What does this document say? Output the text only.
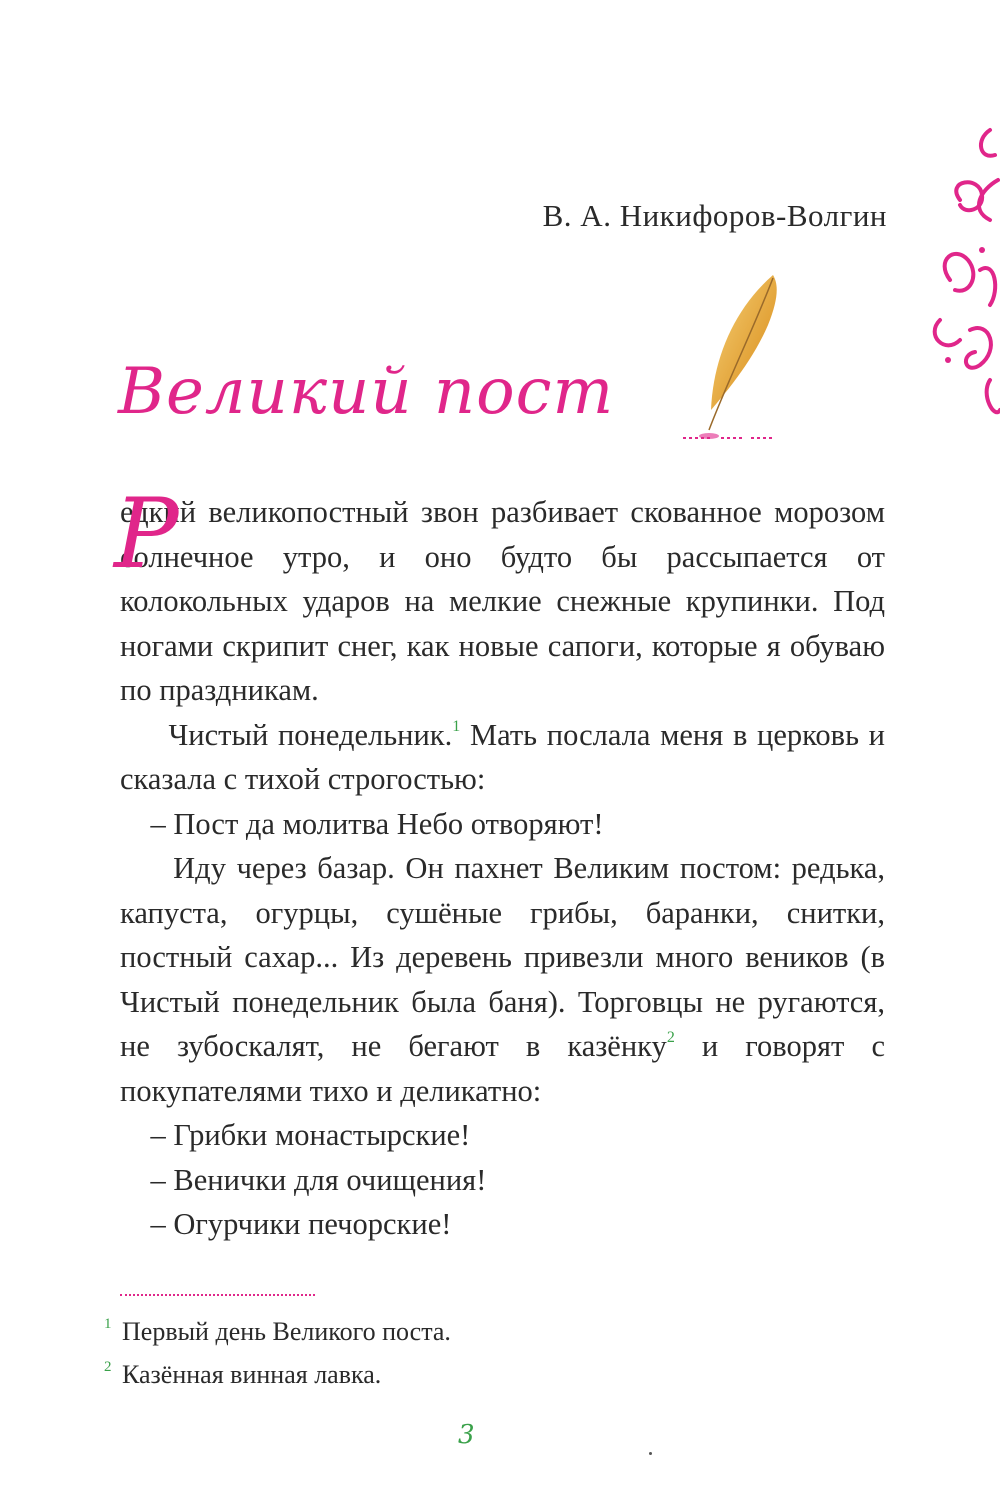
В. А. Никифоров-Волгин
Великий пост

Р
едкий великопостный звон разбивает скованное морозом солнечное утро, и оно будто бы рассыпается от колокольных ударов на мелкие снежные крупинки. Под ногами скрипит снег, как новые сапоги, которые я обуваю по праздникам.

Чистый понедельник.$^1$ Мать послала меня в церковь и сказала с тихой строгостью:

– Пост да молитва Небо отворяют!

Иду через базар. Он пахнет Великим постом: редька, капуста, огурцы, сушёные грибы, баранки, снитки, постный сахар... Из деревень привезли много веников (в Чистый понедельник была баня). Торговцы не ругаются, не зубоскалят, не бегают в казёнку$^2$ и говорят с покупателями тихо и деликатно:

– Грибки монастырские!

– Венички для очищения!

– Огурчики печорские!

1 Первый день Великого поста.
2 Казённая винная лавка.
3
